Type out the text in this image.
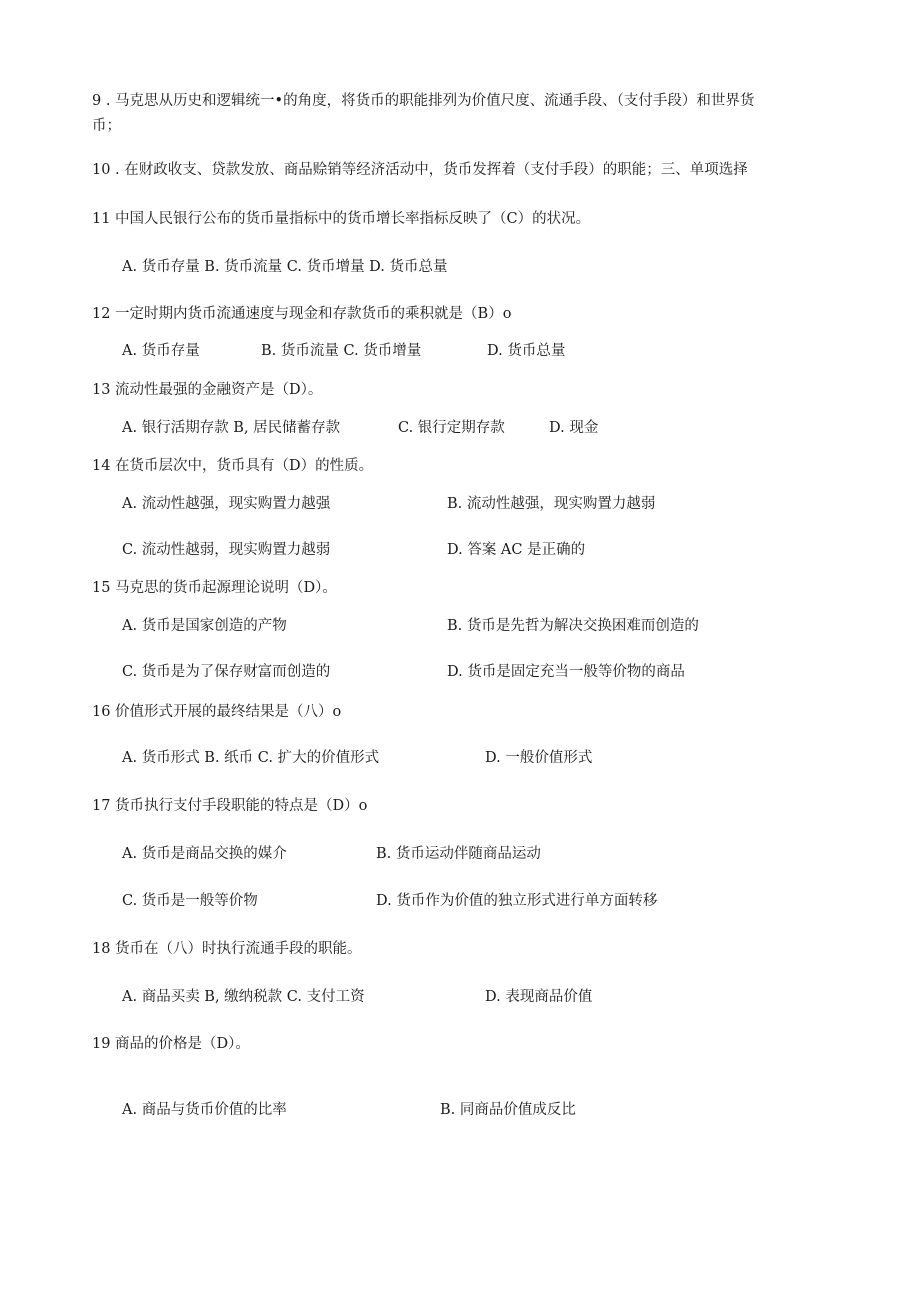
9 . 马克思从历史和逻辑统一•的角度，将货币的职能排列为价值尺度、流通手段、（支付手段）和世界货
币；
10 . 在财政收支、贷款发放、商品赊销等经济活动中，货币发挥着（支付手段）的职能；三、单项选择
11 中国人民银行公布的货币量指标中的货币增长率指标反映了（C）的状况。
A. 货币存量 B. 货币流量 C. 货币增量 D. 货币总量
12 一定时期内货币流通速度与现金和存款货币的乘积就是（B）o
A. 货币存量	B. 货币流量 C. 货币增量	D. 货币总量
13 流动性最强的金融资产是（D）。
A. 银行活期存款 B, 居民储蓄存款	C. 银行定期存款	D. 现金
14 在货币层次中，货币具有（D）的性质。
A. 流动性越强，现实购置力越强	B. 流动性越强，现实购置力越弱
C. 流动性越弱，现实购置力越弱	D. 答案 AC 是正确的
15 马克思的货币起源理论说明（D）。
A. 货币是国家创造的产物	B. 货币是先哲为解决交换困难而创造的
C. 货币是为了保存财富而创造的	D. 货币是固定充当一般等价物的商品
16 价值形式开展的最终结果是（八）o
A. 货币形式 B. 纸币 C. 扩大的价值形式	D. 一般价值形式
17 货币执行支付手段职能的特点是（D）o
A. 货币是商品交换的媒介	B. 货币运动伴随商品运动
C. 货币是一般等价物	D. 货币作为价值的独立形式进行单方面转移
18 货币在（八）时执行流通手段的职能。
A. 商品买卖 B, 缴纳税款 C. 支付工资	D. 表现商品价值
19 商品的价格是（D）。
A. 商品与货币价值的比率	B. 同商品价值成反比
